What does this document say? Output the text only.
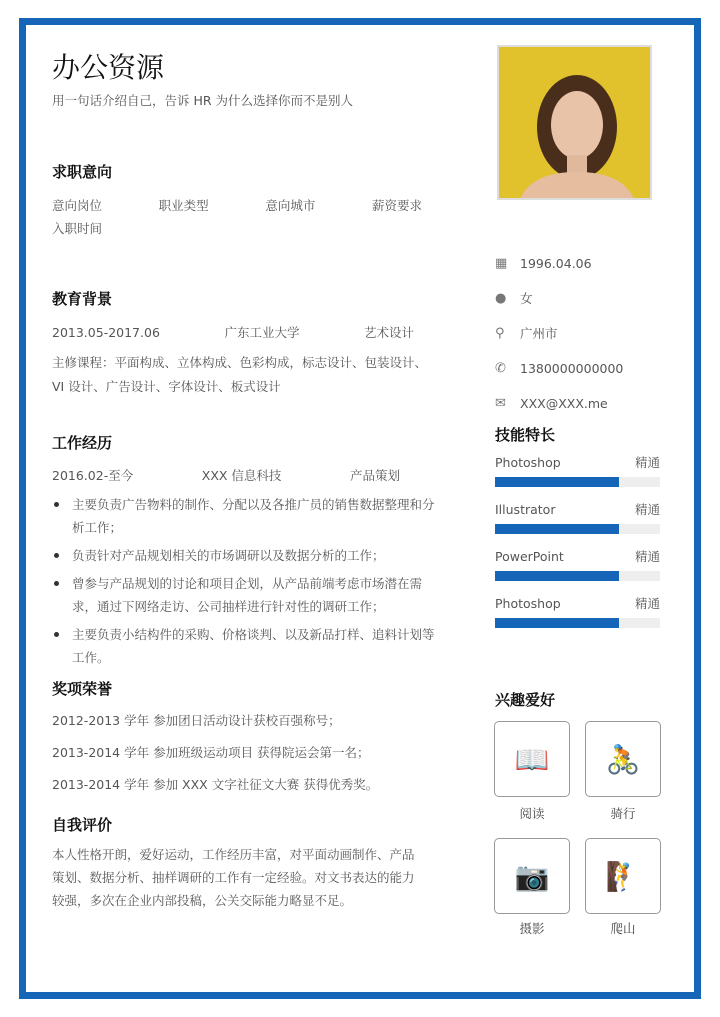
办公资源
用一句话介绍自己，告诉 HR 为什么选择你而不是别人
求职意向
意向岗位	职业类型	意向城市	薪资要求
入职时间
教育背景
2013.05-2017.06	广东工业大学	艺术设计
主修课程：平面构成、立体构成、色彩构成，标志设计、包装设计、VI 设计、广告设计、字体设计、板式设计
工作经历
2016.02-至今	XXX 信息科技	产品策划
主要负责广告物料的制作、分配以及各推广员的销售数据整理和分析工作；
负责针对产品规划相关的市场调研以及数据分析的工作；
曾参与产品规划的讨论和项目企划，从产品前端考虑市场潜在需求，通过下网络走访、公司抽样进行针对性的调研工作；
主要负责小结构件的采购、价格谈判、以及新品打样、追料计划等工作。
奖项荣誉
2012-2013 学年 参加团日活动设计获校百强称号；
2013-2014 学年 参加班级运动项目 获得院运会第一名；
2013-2014 学年 参加 XXX 文字社征文大赛 获得优秀奖。
自我评价
本人性格开朗，爱好运动，工作经历丰富，对平面动画制作、产品策划、数据分析、抽样调研的工作有一定经验。对文书表达的能力较强，多次在企业内部投稿，公关交际能力略显不足。
▦	1996.04.06
●	女
⚲	广州市
✆	1380000000000
✉	XXX@XXX.me
技能特长
Photoshop	精通
Illustrator	精通
PowerPoint	精通
Photoshop	精通
兴趣爱好
📖
阅读
🚴
骑行
📷
摄影
🧗
爬山
